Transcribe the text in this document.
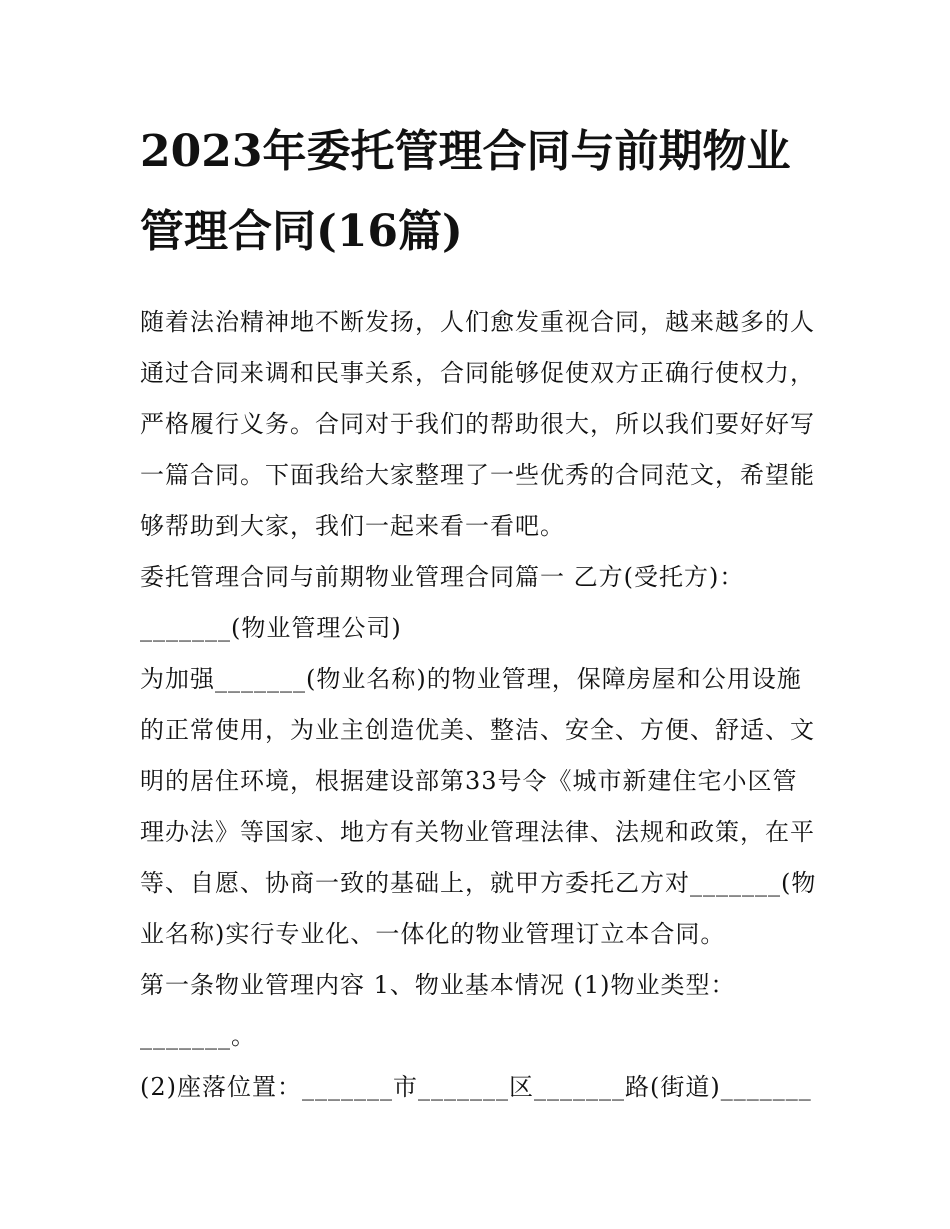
2023年委托管理合同与前期物业管理合同(16篇)

随着法治精神地不断发扬，人们愈发重视合同，越来越多的人通过合同来调和民事关系，合同能够促使双方正确行使权力，严格履行义务。合同对于我们的帮助很大，所以我们要好好写一篇合同。下面我给大家整理了一些优秀的合同范文，希望能够帮助到大家，我们一起来看一看吧。

委托管理合同与前期物业管理合同篇一 乙方(受托方)：_______(物业管理公司)

为加强_______(物业名称)的物业管理，保障房屋和公用设施的正常使用，为业主创造优美、整洁、安全、方便、舒适、文明的居住环境，根据建设部第33号令《城市新建住宅小区管理办法》等国家、地方有关物业管理法律、法规和政策，在平等、自愿、协商一致的基础上，就甲方委托乙方对_______(物业名称)实行专业化、一体化的物业管理订立本合同。

第一条物业管理内容 1、物业基本情况 (1)物业类型：_______。

(2)座落位置：_______市_______区_______路(街道)_______
